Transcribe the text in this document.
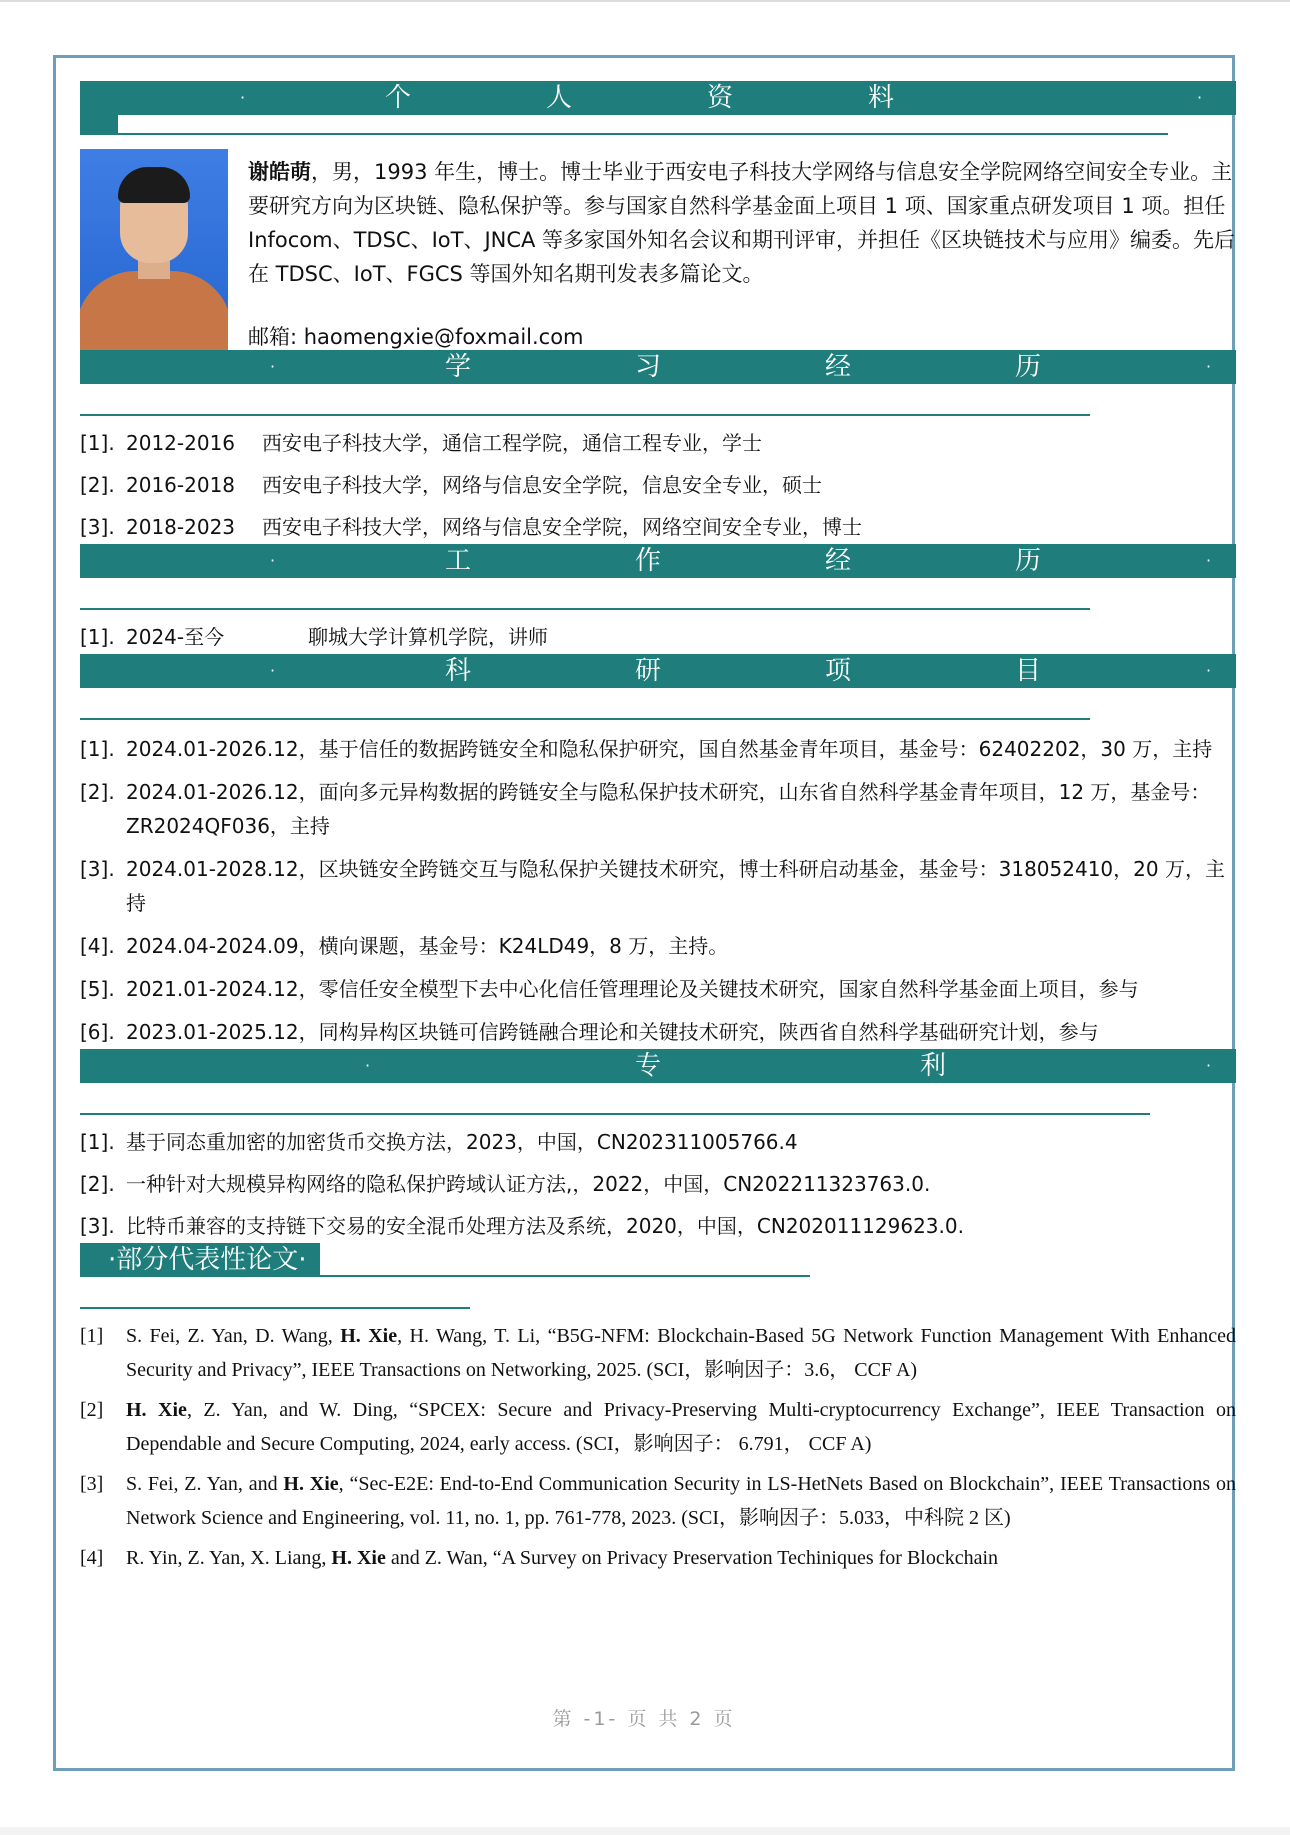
·	个	人	资	料	·
谢皓萌，男，1993 年生，博士。博士毕业于西安电子科技大学网络与信息安全学院网络空间安全专业。主要研究方向为区块链、隐私保护等。参与国家自然科学基金面上项目 1 项、国家重点研发项目 1 项。担任 Infocom、TDSC、IoT、JNCA 等多家国外知名会议和期刊评审，并担任《区块链技术与应用》编委。先后在 TDSC、IoT、FGCS 等国外知名期刊发表多篇论文。
邮箱: haomengxie@foxmail.com
·	学	习	经	历	·
[1]. 2012-2016 西安电子科技大学，通信工程学院，通信工程专业，学士
[2]. 2016-2018 西安电子科技大学，网络与信息安全学院，信息安全专业，硕士
[3]. 2018-2023 西安电子科技大学，网络与信息安全学院，网络空间安全专业，博士
·	工	作	经	历	·
[1]. 2024-至今	聊城大学计算机学院，讲师
·	科	研	项	目	·
[1]. 2024.01-2026.12，基于信任的数据跨链安全和隐私保护研究，国自然基金青年项目，基金号：62402202，30 万，主持
[2]. 2024.01-2026.12，面向多元异构数据的跨链安全与隐私保护技术研究，山东省自然科学基金青年项目，12 万，基金号：ZR2024QF036，主持
[3]. 2024.01-2028.12，区块链安全跨链交互与隐私保护关键技术研究，博士科研启动基金，基金号：318052410，20 万，主持
[4]. 2024.04-2024.09，横向课题，基金号：K24LD49，8 万，主持。
[5]. 2021.01-2024.12，零信任安全模型下去中心化信任管理理论及关键技术研究，国家自然科学基金面上项目，参与
[6]. 2023.01-2025.12，同构异构区块链可信跨链融合理论和关键技术研究，陕西省自然科学基础研究计划，参与
·	专	利	·
[1]. 基于同态重加密的加密货币交换方法，2023，中国，CN202311005766.4
[2]. 一种针对大规模异构网络的隐私保护跨域认证方法,，2022，中国，CN202211323763.0.
[3]. 比特币兼容的支持链下交易的安全混币处理方法及系统，2020，中国，CN202011129623.0.
·部分代表性论文·
[1] S. Fei, Z. Yan, D. Wang, H. Xie, H. Wang, T. Li, “B5G-NFM: Blockchain-Based 5G Network Function Management With Enhanced Security and Privacy”, IEEE Transactions on Networking, 2025. (SCI，影响因子：3.6， CCF A)
[2] H. Xie, Z. Yan, and W. Ding, “SPCEX: Secure and Privacy-Preserving Multi-cryptocurrency Exchange”, IEEE Transaction on Dependable and Secure Computing, 2024, early access. (SCI，影响因子： 6.791， CCF A)
[3] S. Fei, Z. Yan, and H. Xie, “Sec-E2E: End-to-End Communication Security in LS-HetNets Based on Blockchain”, IEEE Transactions on Network Science and Engineering, vol. 11, no. 1, pp. 761-778, 2023. (SCI，影响因子：5.033，中科院 2 区)
[4] R. Yin, Z. Yan, X. Liang, H. Xie and Z. Wan, “A Survey on Privacy Preservation Techiniques for Blockchain
第 -1- 页 共 2 页
